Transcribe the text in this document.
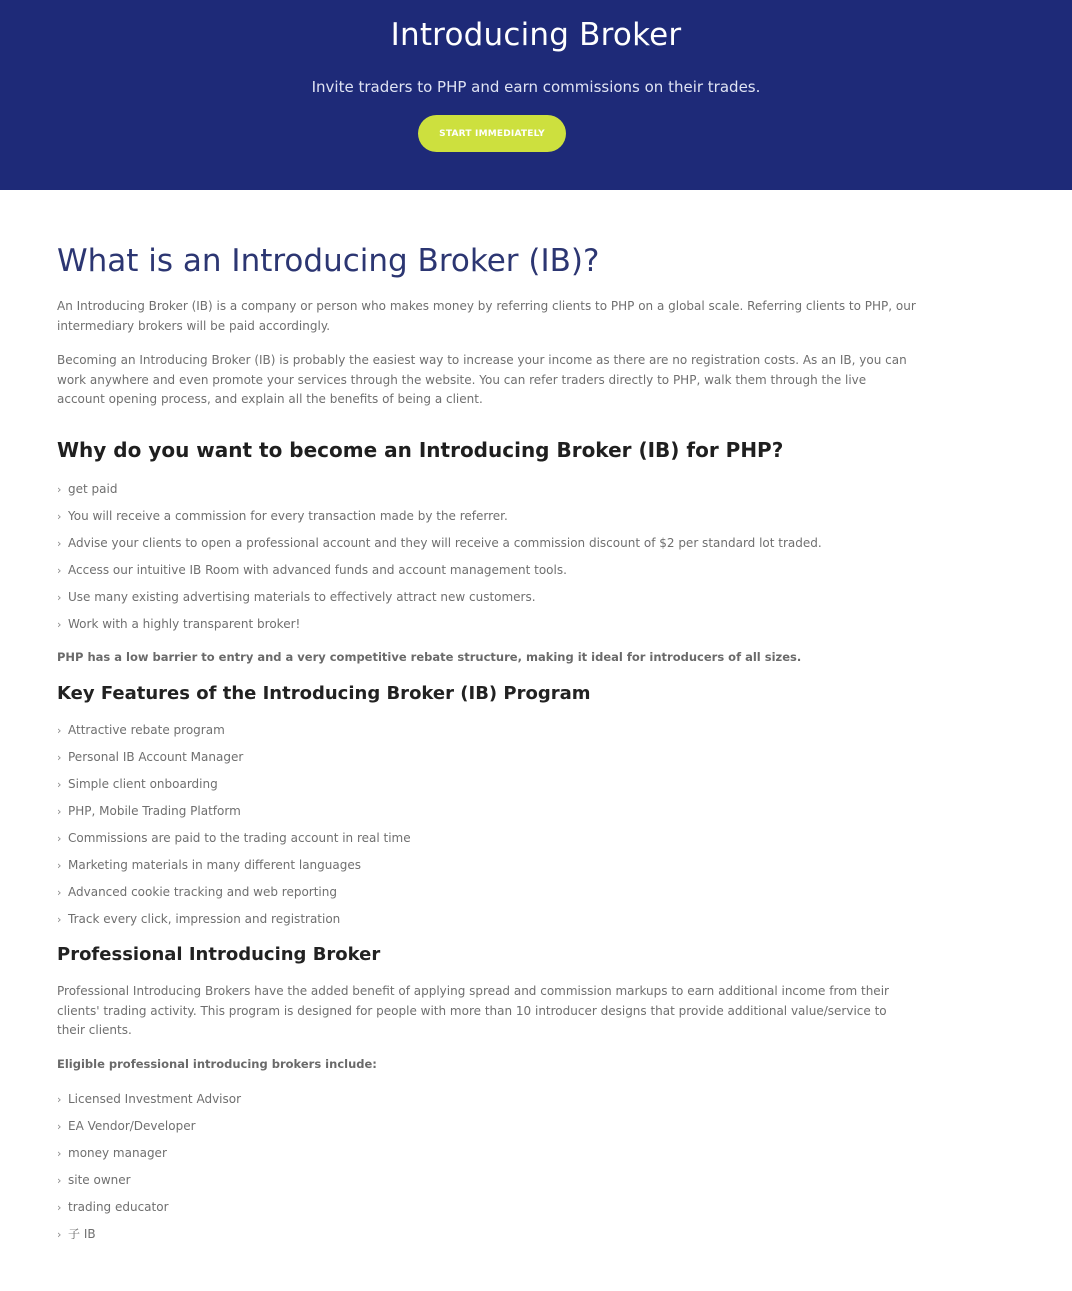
Introducing Broker

Invite traders to PHP and earn commissions on their trades.

START IMMEDIATELY
What is an Introducing Broker (IB)?

An Introducing Broker (IB) is a company or person who makes money by referring clients to PHP on a global scale. Referring clients to PHP, our intermediary brokers will be paid accordingly.

Becoming an Introducing Broker (IB) is probably the easiest way to increase your income as there are no registration costs. As an IB, you can work anywhere and even promote your services through the website. You can refer traders directly to PHP, walk them through the live account opening process, and explain all the benefits of being a client.

Why do you want to become an Introducing Broker (IB) for PHP?
› get paid
› You will receive a commission for every transaction made by the referrer.
› Advise your clients to open a professional account and they will receive a commission discount of $2 per standard lot traded.
› Access our intuitive IB Room with advanced funds and account management tools.
› Use many existing advertising materials to effectively attract new customers.
› Work with a highly transparent broker!

PHP has a low barrier to entry and a very competitive rebate structure, making it ideal for introducers of all sizes.

Key Features of the Introducing Broker (IB) Program
› Attractive rebate program
› Personal IB Account Manager
› Simple client onboarding
› PHP, Mobile Trading Platform
› Commissions are paid to the trading account in real time
› Marketing materials in many different languages
› Advanced cookie tracking and web reporting
› Track every click, impression and registration
Professional Introducing Broker

Professional Introducing Brokers have the added benefit of applying spread and commission markups to earn additional income from their clients' trading activity. This program is designed for people with more than 10 introducer designs that provide additional value/service to their clients.

Eligible professional introducing brokers include:

› Licensed Investment Advisor
› EA Vendor/Developer
› money manager
› site owner
› trading educator
› 子 IB
